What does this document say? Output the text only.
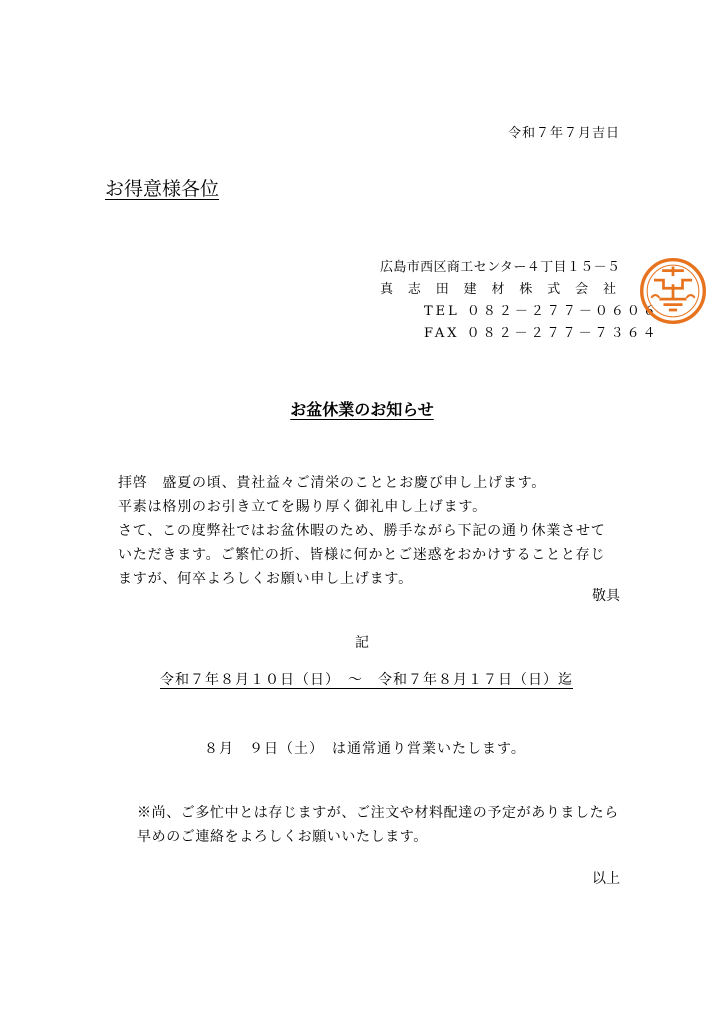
令和７年７月吉日
お得意様各位
広島市西区商工センター４丁目１５－５
真志田建材株式会社
TEL ０８２－２７７－０６０６
FAX ０８２－２７７－７３６４
お盆休業のお知らせ
拝啓　盛夏の頃、貴社益々ご清栄のこととお慶び申し上げます。
平素は格別のお引き立てを賜り厚く御礼申し上げます。
さて、この度弊社ではお盆休暇のため、勝手ながら下記の通り休業させて
いただきます。ご繁忙の折、皆様に何かとご迷惑をおかけすることと存じ
ますが、何卒よろしくお願い申し上げます。
敬具
記
令和７年８月１０日（日）　～　令和７年８月１７日（日）迄
８月　９日（土）　は通常通り営業いたします。
※尚、ご多忙中とは存じますが、ご注文や材料配達の予定がありましたら
早めのご連絡をよろしくお願いいたします。
以上
